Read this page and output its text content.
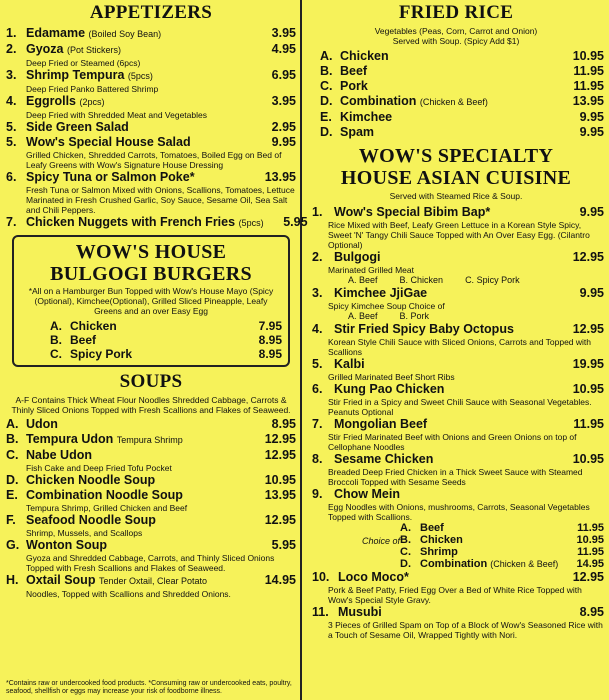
APPETIZERS
1. Edamame (Boiled Soy Bean)	3.95
2. Gyoza (Pot Stickers)	4.95
Deep Fried or Steamed (6pcs)
3. Shrimp Tempura (5pcs)	6.95
Deep Fried Panko Battered Shrimp
4. Eggrolls (2pcs)	3.95
Deep Fried with Shredded Meat and Vegetables
5. Side Green Salad	2.95
5. Wow's Special House Salad	9.95
Grilled Chicken, Shredded Carrots, Tomatoes, Boiled Egg on Bed of Leafy Greens with Wow's Signature House Dressing
6. Spicy Tuna or Salmon Poke*	13.95
Fresh Tuna or Salmon Mixed with Onions, Scallions, Tomatoes, Lettuce Marinated in Fresh Crushed Garlic, Soy Sauce, Sesame Oil, Sea Salt and Chili Peppers.
7. Chicken Nuggets with French Fries (5pcs)	5.95
WOW'S HOUSE
BULGOGI BURGERS
*All on a Hamburger Bun Topped with Wow's House Mayo (Spicy (Optional), Kimchee(Optional), Grilled Sliced Pineapple, Leafy Greens and an over Easy Egg
A. Chicken	7.95
B. Beef	8.95
C. Spicy Pork	8.95
SOUPS
A-F Contains Thick Wheat Flour Noodles Shredded Cabbage, Carrots & Thinly Sliced Onions Topped with Fresh Scallions and Flakes of Seaweed.
A. Udon	8.95
B. Tempura Udon Tempura Shrimp	12.95
C. Nabe Udon	12.95
Fish Cake and Deep Fried Tofu Pocket
D. Chicken Noodle Soup	10.95
E. Combination Noodle Soup	13.95
Tempura Shrimp, Grilled Chicken and Beef
F. Seafood Noodle Soup	12.95
Shrimp, Mussels, and Scallops
G. Wonton Soup	5.95
Gyoza and Shredded Cabbage, Carrots, and Thinly Sliced Onions Topped with Fresh Scallions and Flakes of Seaweed.
H. Oxtail Soup Tender Oxtail, Clear Potato	14.95
Noodles, Topped with Scallions and Shredded Onions.
*Contains raw or undercooked food products. *Consuming raw or undercooked eats, poultry, seafood, shellfish or eggs may increase your risk of foodborne illness.
FRIED RICE
Vegetables (Peas, Corn, Carrot and Onion)
Served with Soup. (Spicy Add $1)
A. Chicken	10.95
B. Beef	11.95
C. Pork	11.95
D. Combination (Chicken & Beef)	13.95
E. Kimchee	9.95
D. Spam	9.95
WOW'S SPECIALTY
HOUSE ASIAN CUISINE
Served with Steamed Rice & Soup.
1. Wow's Special Bibim Bap*	9.95
Rice Mixed with Beef, Leafy Green Lettuce in a Korean Style Spicy, Sweet 'N' Tangy Chili Sauce Topped with An Over Easy Egg. (Cilantro Optional)
2. Bulgogi	12.95
Marinated Grilled Meat
A. Beef B. Chicken C. Spicy Pork
3. Kimchee JjiGae	9.95
Spicy Kimchee Soup Choice of
A. Beef B. Pork
4. Stir Fried Spicy Baby Octopus	12.95
Korean Style Chili Sauce with Sliced Onions, Carrots and Topped with Scallions
5. Kalbi	19.95
Grilled Marinated Beef Short Ribs
6. Kung Pao Chicken	10.95
Stir Fried in a Spicy and Sweet Chili Sauce with Seasonal Vegetables. Peanuts Optional
7. Mongolian Beef	11.95
Stir Fried Marinated Beef with Onions and Green Onions on top of Cellophane Noodles
8. Sesame Chicken	10.95
Breaded Deep Fried Chicken in a Thick Sweet Sauce with Steamed Broccoli Topped with Sesame Seeds
9. Chow Mein
Egg Noodles with Onions, mushrooms, Carrots, Seasonal Vegetables Topped with Scallions.
Choice of
A. Beef	11.95
B. Chicken	10.95
C. Shrimp	11.95
D. Combination (Chicken & Beef)	14.95
10. Loco Moco*	12.95
Pork & Beef Patty, Fried Egg Over a Bed of White Rice Topped with Wow's Special Style Gravy.
11. Musubi	8.95
3 Pieces of Grilled Spam on Top of a Block of Wow's Seasoned Rice with a Touch of Sesame Oil, Wrapped Tightly with Nori.
